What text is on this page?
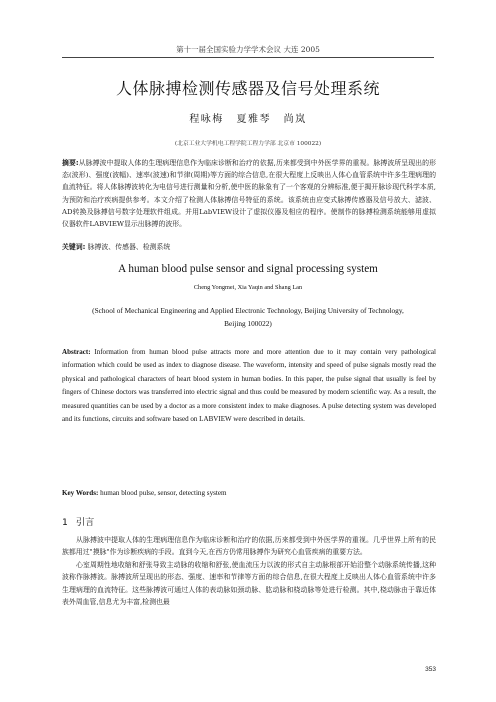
第十一届全国实验力学学术会议 大连 2005
人体脉搏检测传感器及信号处理系统
程咏梅 夏雅琴 尚岚
(北京工业大学机电工程学院工程力学部 北京市 100022)
摘要:从脉搏波中提取人体的生理病理信息作为临床诊断和治疗的依据,历来都受到中外医学界的重视。脉搏波所呈现出的形态(波形)、强度(波幅)、速率(波速)和节律(周期)等方面的综合信息,在很大程度上反映出人体心血管系统中许多生理病理的血流特征。将人体脉搏波转化为电信号进行测量和分析,使中医的脉象有了一个客观的分辨标准,便于揭开脉诊现代科学本质,为预防和治疗疾病提供参考。本文介绍了检测人体脉搏信号特征的系统。该系统由应变式脉搏传感器及信号放大、滤波、AD转换及脉搏信号数字处理软件组成。并用LabVIEW设计了虚拟仪器及相应的程序。使制作的脉搏检测系统能够用虚拟仪器软件LABVIEW显示出脉搏的波形。
关键词: 脉搏波、传感器、检测系统
A human blood pulse sensor and signal processing system
Cheng Yongmei, Xia Yaqin and Shang Lan
(School of Mechanical Engineering and Applied Electronic Technology, Beijing University of Technology,
Beijing 100022)
Abstract: Information from human blood pulse attracts more and more attention due to it may contain very pathological information which could be used as index to diagnose disease. The waveform, intensity and speed of pulse signals mostly read the physical and pathological characters of heart blood system in human bodies. In this paper, the pulse signal that usually is feel by fingers of Chinese doctors was transferred into electric signal and thus could be measured by modern scientific way. As a result, the measured quantities can be used by a doctor as a more consistent index to make diagnoses. A pulse detecting system was developed and its functions, circuits and software based on LABVIEW were described in details.
Key Words: human blood pulse, sensor, detecting system
1 引言

从脉搏波中提取人体的生理病理信息作为临床诊断和治疗的依据,历来都受到中外医学界的重视。几乎世界上所有的民族都用过"摸脉"作为诊断疾病的手段。直到今天,在西方仍常用脉搏作为研究心血管疾病的重要方法。

心室周期性地收缩和舒张导致主动脉的收缩和舒张,使血流压力以波的形式自主动脉根部开始沿整个动脉系统传播,这种波称作脉搏波。脉搏波所呈现出的形态、强度、速率和节律等方面的综合信息,在很大程度上反映出人体心血管系统中许多生理病理的血流特征。这些脉搏波可通过人体的表动脉如颈动脉、肱动脉和桡动脉等处进行检测。其中,桡动脉由于靠近体表外周血管,信息尤为丰富,检测也最

353
